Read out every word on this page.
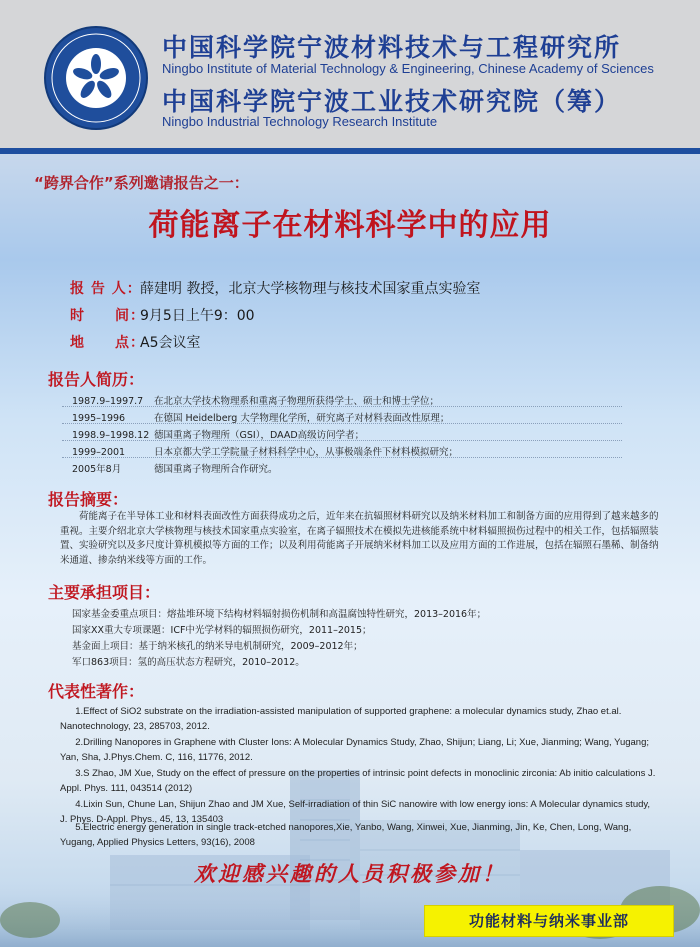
中国科学院宁波材料技术与工程研究所
Ningbo Institute of Material Technology & Engineering, Chinese Academy of Sciences
中国科学院宁波工业技术研究院（筹）
Ningbo Industrial Technology Research Institute
“跨界合作”系列邀请报告之一：
荷能离子在材料科学中的应用
报 告 人：薛建明 教授，北京大学核物理与核技术国家重点实验室
时　　间：9月5日上午9：00
地　　点：A5会议室
报告人简历：
1987.9–1997.7 在北京大学技术物理系和重离子物理所获得学士、硕士和博士学位；
1995–1996	在德国 Heidelberg 大学物理化学所，研究离子对材料表面改性原理；
1998.9–1998.12 德国重离子物理所（GSI），DAAD高级访问学者；
1999–2001	日本京都大学工学院量子材料科学中心，从事极端条件下材料模拟研究；
2005年8月	德国重离子物理所合作研究。
报告摘要：
荷能离子在半导体工业和材料表面改性方面获得成功之后，近年来在抗辐照材料研究以及纳米材料加工和制备方面的应用得到了越来越多的重视。主要介绍北京大学核物理与核技术国家重点实验室，在离子辐照技术在模拟先进核能系统中材料辐照损伤过程中的相关工作，包括辐照装置、实验研究以及多尺度计算机模拟等方面的工作；以及利用荷能离子开展纳米材料加工以及应用方面的工作进展，包括在辐照石墨稀、制备纳米通道、掺杂纳米线等方面的工作。
主要承担项目：
国家基金委重点项目：熔盐堆环境下结构材料辐射损伤机制和高温腐蚀特性研究，2013–2016年；
国家XX重大专项课题：ICF中光学材料的辐照损伤研究，2011–2015；
基金面上项目：基于纳米核孔的纳米导电机制研究，2009–2012年；
军口863项目：氢的高压状态方程研究，2010–2012。
代表性著作：
1.Effect of SiO2 substrate on the irradiation-assisted manipulation of supported graphene: a molecular dynamics study, Zhao et.al. Nanotechnology, 23, 285703, 2012.
2.Drilling Nanopores in Graphene with Cluster Ions: A Molecular Dynamics Study, Zhao, Shijun; Liang, Li; Xue, Jianming; Wang, Yugang; Yan, Sha, J.Phys.Chem. C, 116, 11776, 2012.
3.S Zhao, JM Xue, Study on the effect of pressure on the properties of intrinsic point defects in monoclinic zirconia: Ab initio calculations J. Appl. Phys. 111, 043514 (2012)
4.Lixin Sun, Chune Lan, Shijun Zhao and JM Xue, Self-irradiation of thin SiC nanowire with low energy ions: A Molecular dynamics study, J. Phys. D-Appl. Phys., 45, 13, 135403
5.Electric energy generation in single track-etched nanopores,Xie, Yanbo, Wang, Xinwei, Xue, Jianming, Jin, Ke, Chen, Long, Wang, Yugang, Applied Physics Letters, 93(16), 2008
欢迎感兴趣的人员积极参加！
功能材料与纳米事业部
